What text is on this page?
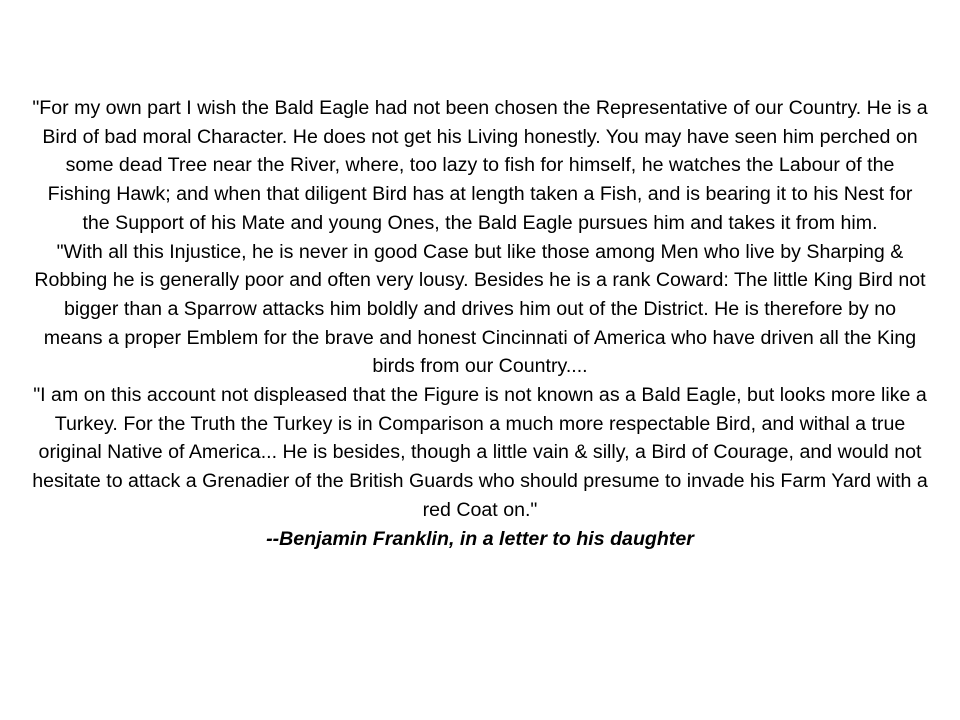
"For my own part I wish the Bald Eagle had not been chosen the Representative of our Country. He is a Bird of bad moral Character. He does not get his Living honestly. You may have seen him perched on some dead Tree near the River, where, too lazy to fish for himself, he watches the Labour of the Fishing Hawk; and when that diligent Bird has at length taken a Fish, and is bearing it to his Nest for the Support of his Mate and young Ones, the Bald Eagle pursues him and takes it from him.

"With all this Injustice, he is never in good Case but like those among Men who live by Sharping & Robbing he is generally poor and often very lousy. Besides he is a rank Coward: The little King Bird not bigger than a Sparrow attacks him boldly and drives him out of the District. He is therefore by no means a proper Emblem for the brave and honest Cincinnati of America who have driven all the King birds from our Country....

"I am on this account not displeased that the Figure is not known as a Bald Eagle, but looks more like a Turkey. For the Truth the Turkey is in Comparison a much more respectable Bird, and withal a true original Native of America... He is besides, though a little vain & silly, a Bird of Courage, and would not hesitate to attack a Grenadier of the British Guards who should presume to invade his Farm Yard with a red Coat on."

--Benjamin Franklin, in a letter to his daughter
